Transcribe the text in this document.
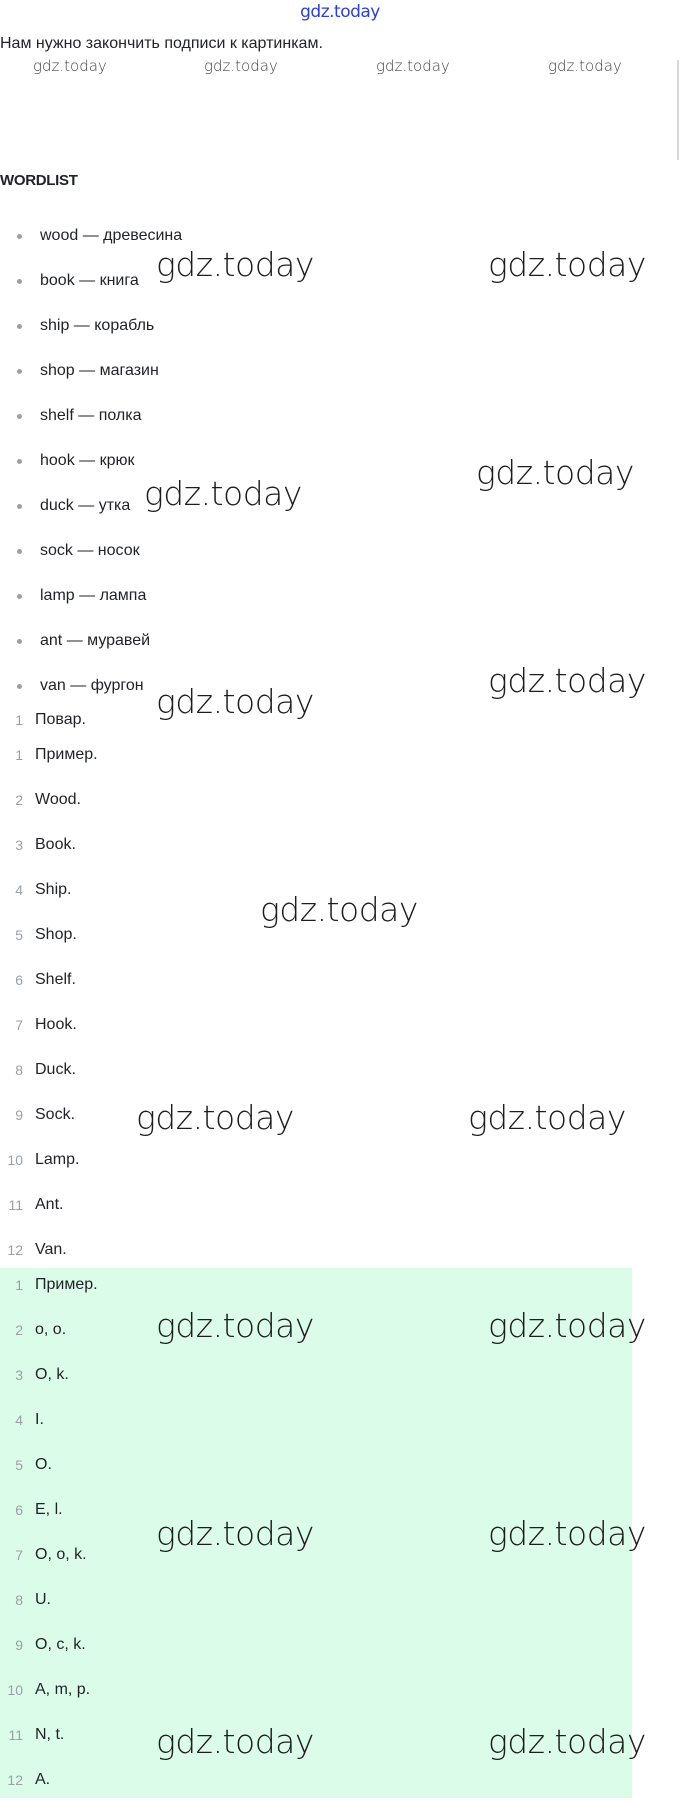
gdz.today
Нам нужно закончить подписи к картинкам.
gdz.today	gdz.today	gdz.today	gdz.today
WORDLIST
wood — древесина
book — книга
ship — корабль
shop — магазин
shelf — полка
hook — крюк
duck — утка
sock — носок
lamp — лампа
ant — муравей
van — фургон
1 Повар.
1 Пример.
2 Wood.
3 Book.
4 Ship.
5 Shop.
6 Shelf.
7 Hook.
8 Duck.
9 Sock.
10 Lamp.
11 Ant.
12 Van.
1 Пример.
2 o, o.
3 O, k.
4 I.
5 O.
6 E, l.
7 O, o, k.
8 U.
9 O, c, k.
10 A, m, p.
11 N, t.
12 A.
gdz.today	gdz.today
gdz.today
gdz.today
gdz.today
gdz.today
gdz.today
gdz.today	gdz.today
gdz.today	gdz.today
gdz.today	gdz.today
gdz.today	gdz.today
